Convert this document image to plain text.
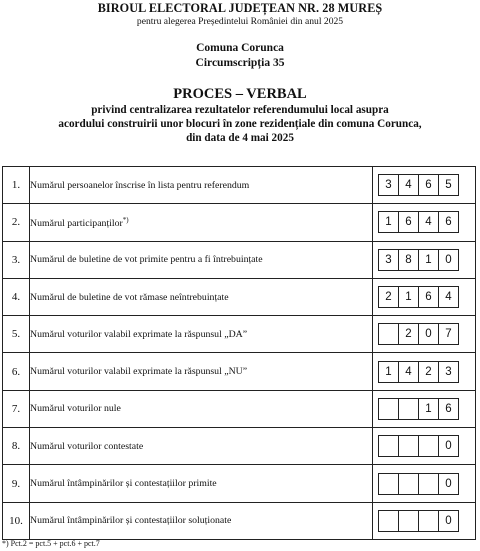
BIROUL ELECTORAL JUDEȚEAN NR. 28 MUREȘ
pentru alegerea Președintelui României din anul 2025
Comuna Corunca
Circumscripția 35
PROCES – VERBAL
privind centralizarea rezultatelor referendumului local asupra
acordului construirii unor blocuri în zone rezidențiale din comuna Corunca,
din data de 4 mai 2025
1.	Numărul persoanelor înscrise în lista pentru referendum	3 4 6 5

2.	Numărul participanților*)	1 6 4 6

3.	Numărul de buletine de vot primite pentru a fi întrebuințate	3 8 1 0

4.	Numărul de buletine de vot rămase neîntrebuințate	2 1 6 4

5.	Numărul voturilor valabil exprimate la răspunsul „DA”	2 0 7

6.	Numărul voturilor valabil exprimate la răspunsul „NU”	1 4 2 3

7.	Numărul voturilor nule	1 6

8.	Numărul voturilor contestate	0

9.	Numărul întâmpinărilor și contestațiilor primite	0

10.	Numărul întâmpinărilor și contestațiilor soluționate	0
*) Pct.2 = pct.5 + pct.6 + pct.7
